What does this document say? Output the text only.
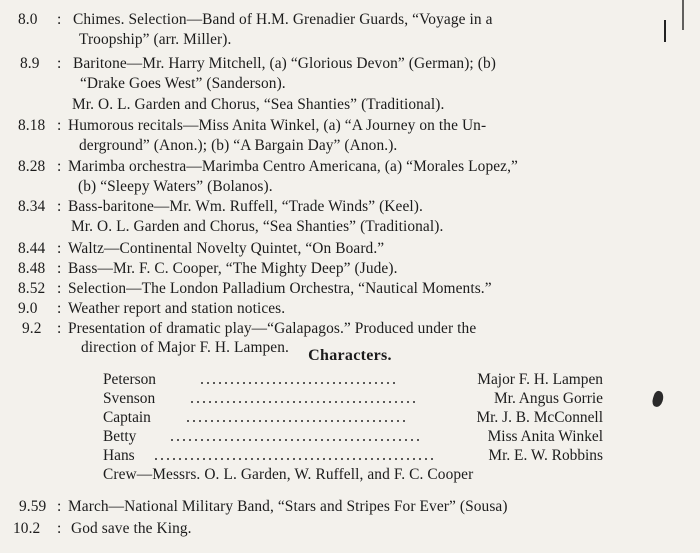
8.0 : Chimes. Selection—Band of H.M. Grenadier Guards, “Voyage in a
Troopship” (arr. Miller).
8.9 : Baritone—Mr. Harry Mitchell, (a) “Glorious Devon” (German); (b)
“Drake Goes West” (Sanderson).
Mr. O. L. Garden and Chorus, “Sea Shanties” (Traditional).
8.18 : Humorous recitals—Miss Anita Winkel, (a) “A Journey on the Un-
derground” (Anon.); (b) “A Bargain Day” (Anon.).
8.28 : Marimba orchestra—Marimba Centro Americana, (a) “Morales Lopez,”
(b) “Sleepy Waters” (Bolanos).
8.34 : Bass-baritone—Mr. Wm. Ruffell, “Trade Winds” (Keel).
Mr. O. L. Garden and Chorus, “Sea Shanties” (Traditional).
8.44 : Waltz—Continental Novelty Quintet, “On Board.”
8.48 : Bass—Mr. F. C. Cooper, “The Mighty Deep” (Jude).
8.52 : Selection—The London Palladium Orchestra, “Nautical Moments.”
9.0 : Weather report and station notices.
9.2 : Presentation of dramatic play—“Galapagos.” Produced under the
direction of Major F. H. Lampen.	Characters.
Peterson	Major F. H. Lampen
Svenson	Mr. Angus Gorrie
Captain	Mr. J. B. McConnell
Betty	Miss Anita Winkel
Hans	Mr. E. W. Robbins
Crew—Messrs. O. L. Garden, W. Ruffell, and F. C. Cooper
9.59 : March—National Military Band, “Stars and Stripes For Ever” (Sousa)
10.2 : God save the King.
